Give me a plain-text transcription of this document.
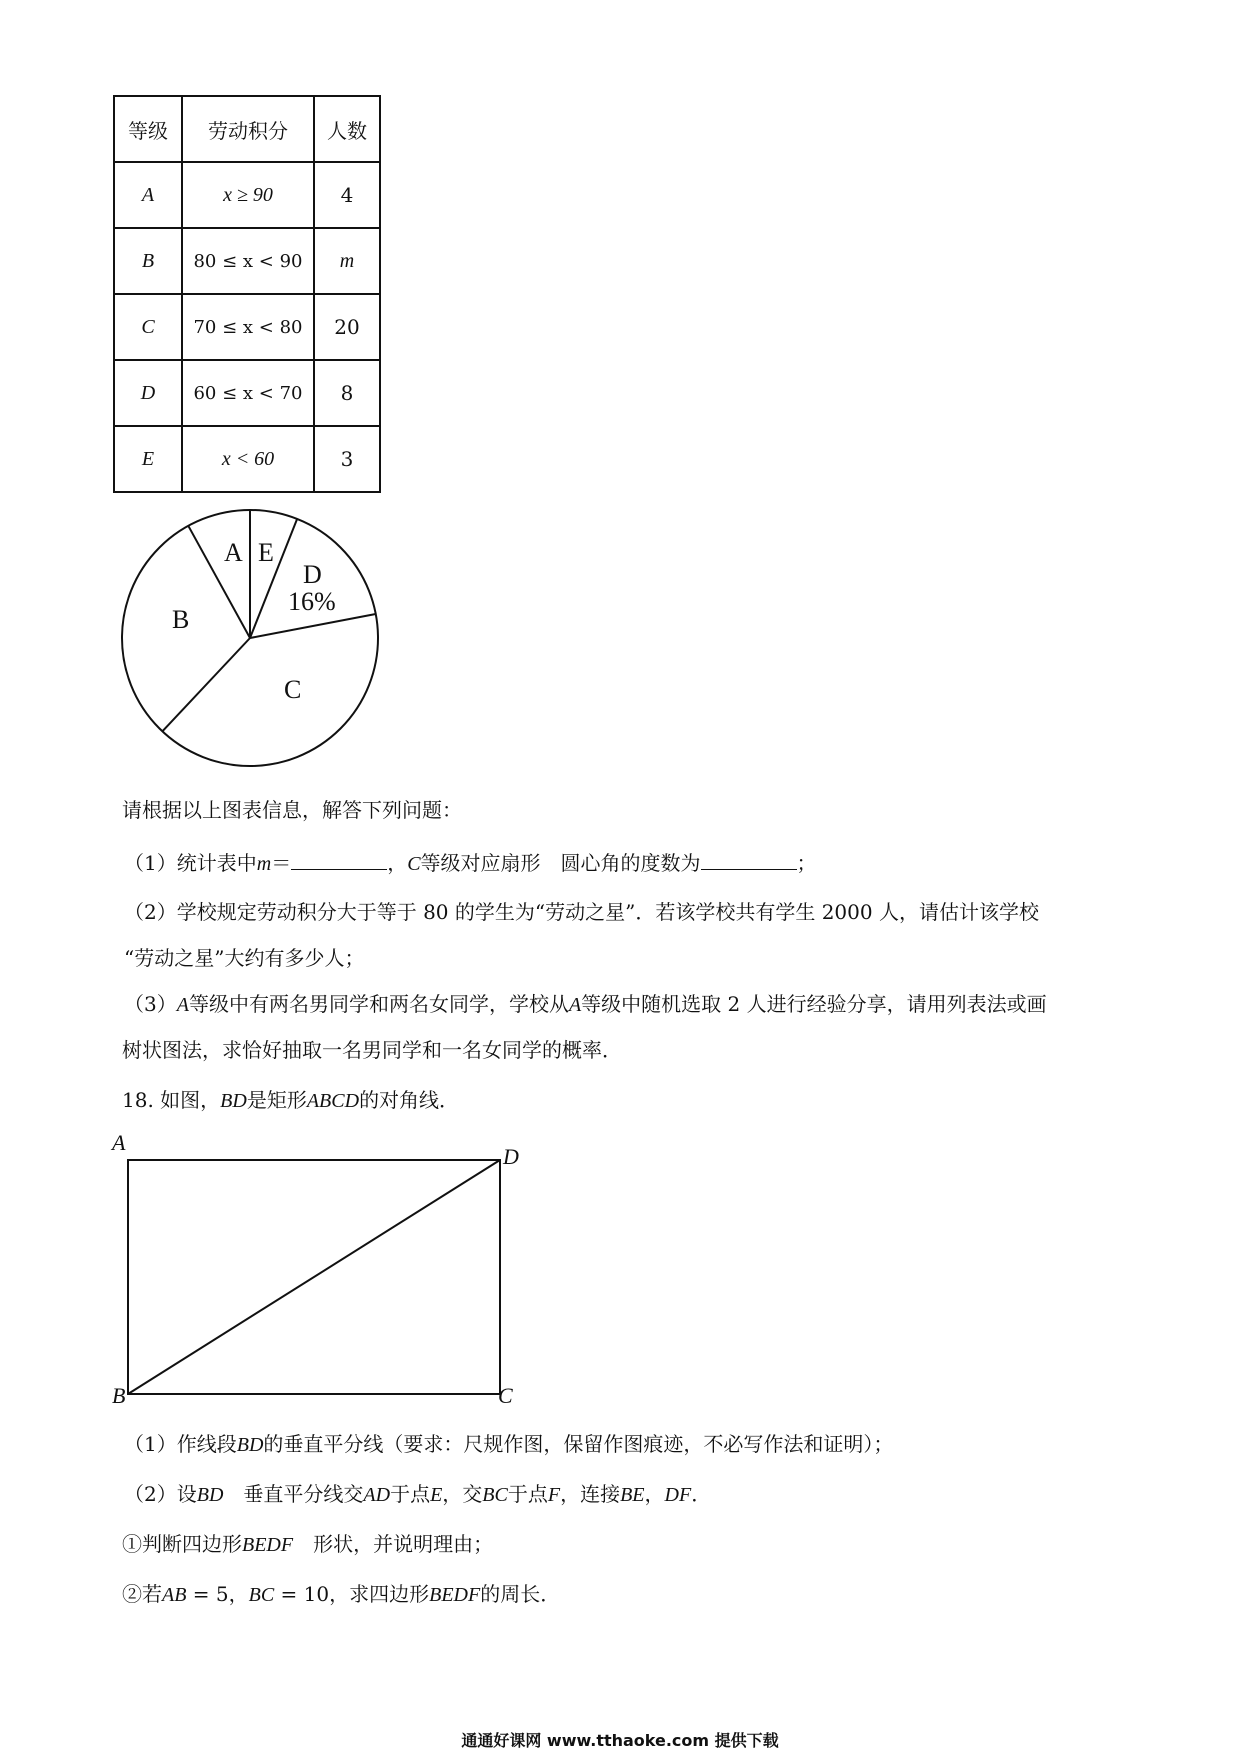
等级	劳动积分	人数
A	x ≥ 90	4
B	80 ≤ x < 90	m
C	70 ≤ x < 80	20
D	60 ≤ x < 70	8
E	x < 60	3
A E
D
16%
C
B
请根据以上图表信息，解答下列问题：
（1）统计表中m＝	，C等级对应扇形　圆心角的度数为	；
（2）学校规定劳动积分大于等于 80 的学生为“劳动之星”．若该学校共有学生 2000 人，请估计该学校
“劳动之星”大约有多少人；
（3）A等级中有两名男同学和两名女同学，学校从A等级中随机选取 2 人进行经验分享，请用列表法或画
树状图法，求恰好抽取一名男同学和一名女同学的概率．
18. 如图，BD是矩形ABCD的对角线．
A
D
B	C
（1）作线段BD的垂直平分线（要求：尺规作图，保留作图痕迹，不必写作法和证明）；
（2）设BD　垂直平分线交AD于点E，交BC于点F，连接BE，DF．
①判断四边形BEDF　形状，并说明理由；
②若AB = 5，BC = 10，求四边形BEDF的周长．
通通好课网 www.tthaoke.com 提供下载
